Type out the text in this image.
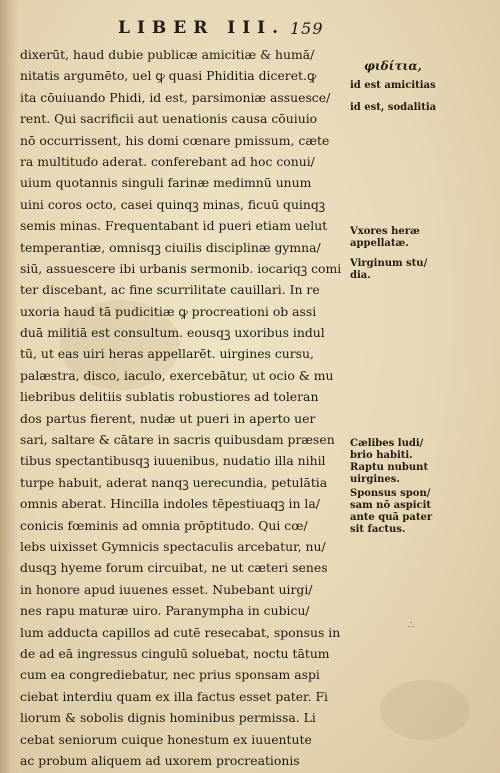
LIBER III. 159
dixerūt, haud dubie publicæ amicitiæ & humā/
nitatis argumēto, uel ꝙ quasi Phiditia diceret.ꝙ
ita cōuiuando Phidi, id est, parsimoniæ assuesce/
rent. Qui sacrificii aut uenationis causa cōuiuio
nō occurrissent, his domi cœnare pmissum, cæte
ra multitudo aderat. conferebant ad hoc conui/
uium quotannis singuli farinæ medimnū unum
uini coros octo, casei quinqꝫ minas, ficuū quinqꝫ
semis minas. Frequentabant id pueri etiam uelut
temperantiæ, omnisqꝫ ciuilis disciplinæ gymna/
siū, assuescere ibi urbanis sermonib. iocariqꝫ comi
ter discebant, ac fine scurrilitate cauillari. In re
uxoria haud tā pudicitiæ ꝙ procreationi ob assi
duā militiā est consultum. eousqꝫ uxoribus indul
tū, ut eas uiri heras appellarēt. uirgines cursu,
palæstra, disco, iaculo, exercebātur, ut ocio & mu
liebribus delitiis sublatis robustiores ad toleran
dos partus fierent, nudæ ut pueri in aperto uer
sari, saltare & cātare in sacris quibusdam præsen
tibus spectantibusqꝫ iuuenibus, nudatio illa nihil
turpe habuit, aderat nanqꝫ uerecundia, petulātia
omnis aberat. Hincilla indoles tēpestiuaqꝫ in la/
conicis fœminis ad omnia prōptitudo. Qui cœ/
lebs uixisset Gymnicis spectaculis arcebatur, nu/
dusqꝫ hyeme forum circuibat, ne ut cæteri senes
in honore apud iuuenes esset. Nubebant uirgi/
nes rapu maturæ uiro. Paranympha in cubicu/
lum adducta capillos ad cutē resecabat, sponsus in
de ad eā ingressus cingulū soluebat, noctu tātum
cum ea congrediebatur, nec prius sponsam aspi
ciebat interdiu quam ex illa factus esset pater. Fi
liorum & sobolis dignis hominibus permissa. Li
cebat seniorum cuique honestum ex iuuentute
ac probum aliquem ad uxorem procreationis
φιδίτια,
id est amicitias
id est, sodalitia
Vxores heræ
appellatæ.
Virginum stu/
dia.
Cælibes ludi/
brio habiti.
Raptu nubunt
uirgines.
Sponsus spon/
sam nō aspicit
ante quā pater
sit factus.
∴
